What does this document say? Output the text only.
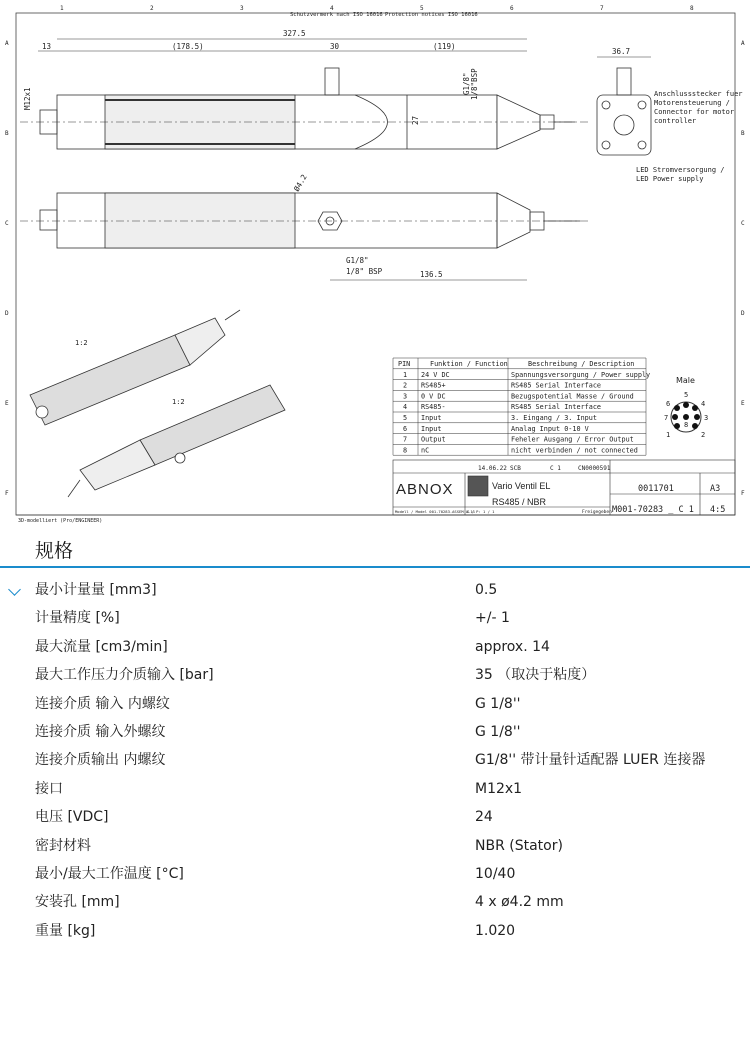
1	2	3	4	5	6	7	8
A	A
B	B
C	C
D	D
E	E
F	F
Schutzvermerk nach ISO 16016 Protection notices ISO 16016
327.5
13	(178.5)	30	(119)
36.7
27
M12x1
G1/8" 1/8"BSP
Ø4.2
G1/8"
1/8" BSP	136.5
Anschlussstecker fuer Motorensteuerung / Connector for motor controller
LED Stromversorgung / LED Power supply
1:2
1:2
3D-modelliert (Pro/ENGINEER)
PIN	Funktion / Function	Beschreibung / Description
1 24 V DC	Spannungsversorgung / Power supply
2 RS485+	RS485 Serial Interface
3 0 V DC	Bezugspotential Masse / Ground
4 RS485-	RS485 Serial Interface
5 Input	3. Eingang / 3. Input
6 Input	Analag Input 0-10 V
7 Output	Feheler Ausgang / Error Output
8 nC	nicht verbinden / not connected
Male
1	2
3
4
5
6
7
8
14.06.22 SCB	C 1	CN0000591
Modell / Model 001-70283.ASSEM A-11
S / P: 1 / 1	Freigegeben
ABNOX	Vario Ventil EL
RS485 / NBR
0011701	A3
M001-70283 _ C 1 4:5
规格
最小计量量 [mm3]	0.5
计量精度 [%]	+/- 1
最大流量 [cm3/min]	approx. 14
最大工作压力介质输入 [bar]	35 （取决于粘度）
连接介质 输入 内螺纹	G 1/8''
连接介质 输入外螺纹	G 1/8''
连接介质输出 内螺纹	G1/8'' 带计量针适配器 LUER 连接器
接口	M12x1
电压 [VDC]	24
密封材料	NBR (Stator)
最小/最大工作温度 [°C]	10/40
安装孔 [mm]	4 x ø4.2 mm
重量 [kg]	1.020
